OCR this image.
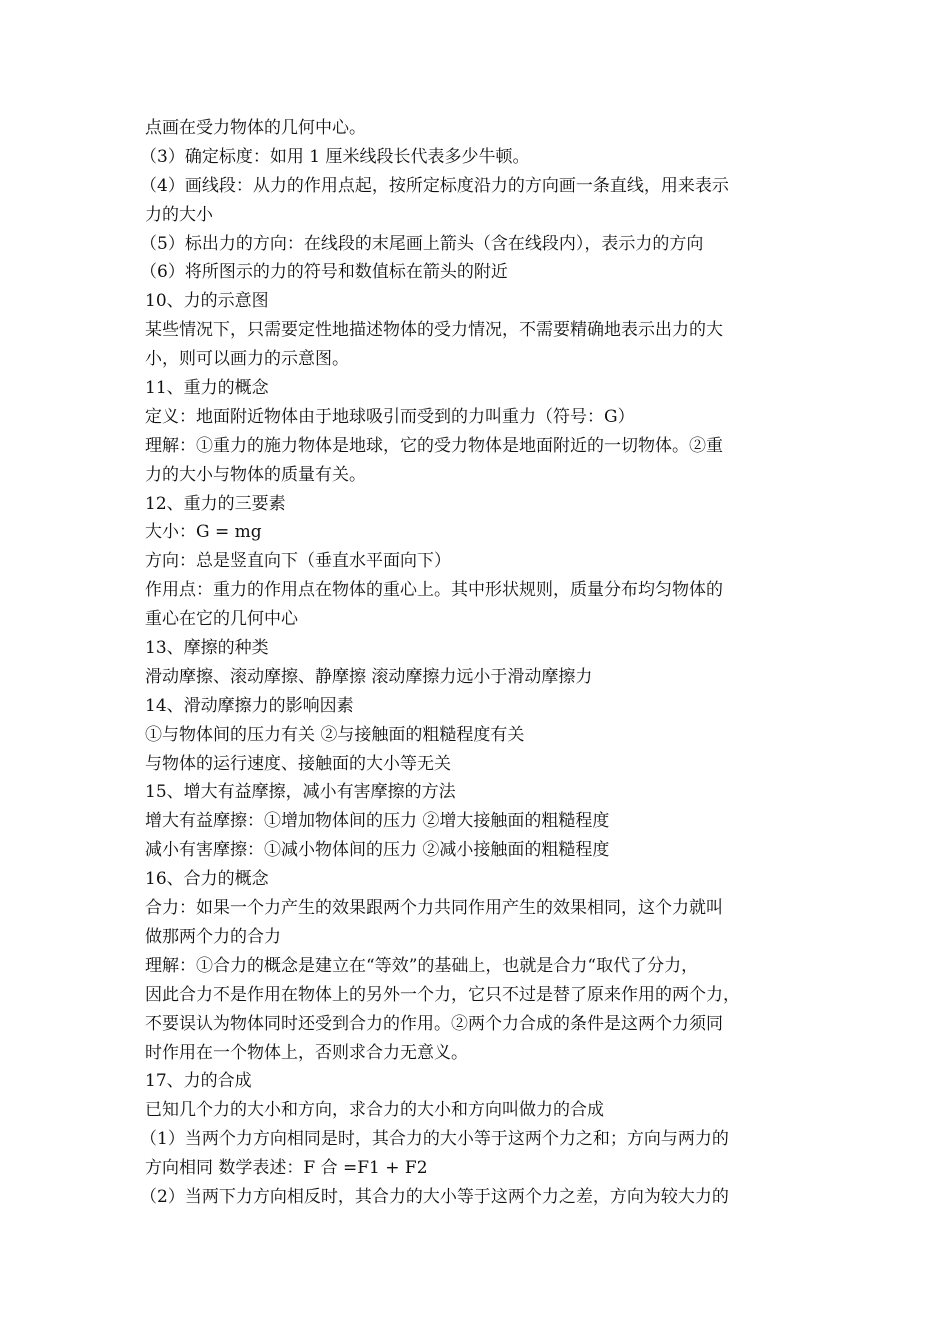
点画在受力物体的几何中心。
（3）确定标度：如用 1 厘米线段长代表多少牛顿。
（4）画线段：从力的作用点起，按所定标度沿力的方向画一条直线，用来表示
力的大小
（5）标出力的方向：在线段的末尾画上箭头（含在线段内），表示力的方向
（6）将所图示的力的符号和数值标在箭头的附近
10、力的示意图
某些情况下，只需要定性地描述物体的受力情况，不需要精确地表示出力的大
小，则可以画力的示意图。
11、重力的概念
定义：地面附近物体由于地球吸引而受到的力叫重力（符号：G）
理解：①重力的施力物体是地球，它的受力物体是地面附近的一切物体。②重
力的大小与物体的质量有关。
12、重力的三要素
大小：G = mg
方向：总是竖直向下（垂直水平面向下）
作用点：重力的作用点在物体的重心上。其中形状规则，质量分布均匀物体的
重心在它的几何中心
13、摩擦的种类
滑动摩擦、滚动摩擦、静摩擦 滚动摩擦力远小于滑动摩擦力
14、滑动摩擦力的影响因素
①与物体间的压力有关 ②与接触面的粗糙程度有关
与物体的运行速度、接触面的大小等无关
15、增大有益摩擦，减小有害摩擦的方法
增大有益摩擦：①增加物体间的压力 ②增大接触面的粗糙程度
减小有害摩擦：①减小物体间的压力 ②减小接触面的粗糙程度
16、合力的概念
合力：如果一个力产生的效果跟两个力共同作用产生的效果相同，这个力就叫
做那两个力的合力
理解：①合力的概念是建立在“等效”的基础上，也就是合力“取代了分力，
因此合力不是作用在物体上的另外一个力，它只不过是替了原来作用的两个力，
不要误认为物体同时还受到合力的作用。②两个力合成的条件是这两个力须同
时作用在一个物体上，否则求合力无意义。
17、力的合成
已知几个力的大小和方向，求合力的大小和方向叫做力的合成
（1）当两个力方向相同是时，其合力的大小等于这两个力之和；方向与两力的
方向相同 数学表述：F 合 =F1 + F2
（2）当两下力方向相反时，其合力的大小等于这两个力之差，方向为较大力的
